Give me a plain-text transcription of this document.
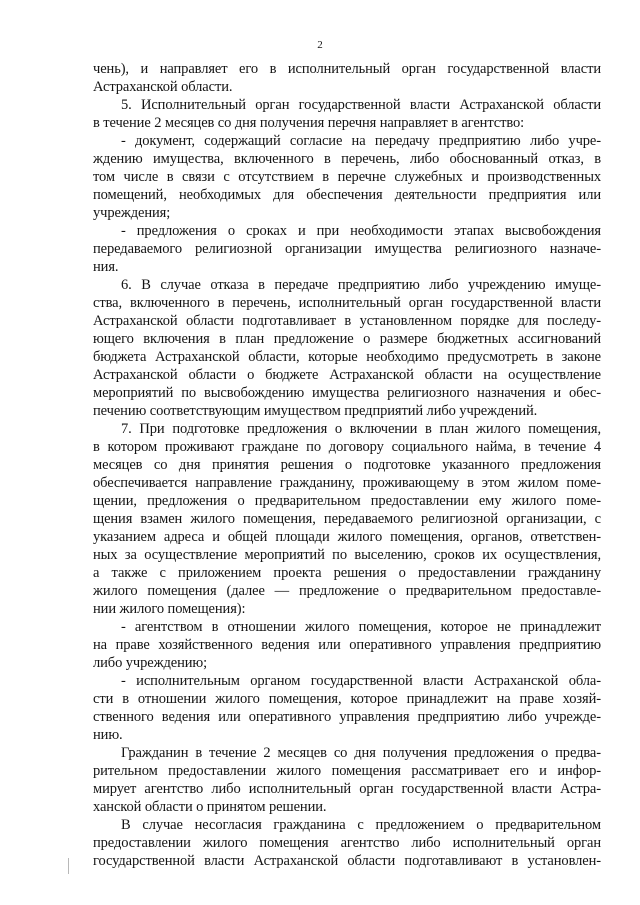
2
чень), и направляет его в исполнительный орган государственной власти
Астраханской области.
5. Исполнительный орган государственной власти Астраханской области
в течение 2 месяцев со дня получения перечня направляет в агентство:
- документ, содержащий согласие на передачу предприятию либо учре-
ждению имущества, включенного в перечень, либо обоснованный отказ, в
том числе в связи с отсутствием в перечне служебных и производственных
помещений, необходимых для обеспечения деятельности предприятия или
учреждения;
- предложения о сроках и при необходимости этапах высвобождения
передаваемого религиозной организации имущества религиозного назначе-
ния.
6. В случае отказа в передаче предприятию либо учреждению имуще-
ства, включенного в перечень, исполнительный орган государственной власти
Астраханской области подготавливает в установленном порядке для последу-
ющего включения в план предложение о размере бюджетных ассигнований
бюджета Астраханской области, которые необходимо предусмотреть в законе
Астраханской области о бюджете Астраханской области на осуществление
мероприятий по высвобождению имущества религиозного назначения и обес-
печению соответствующим имуществом предприятий либо учреждений.
7. При подготовке предложения о включении в план жилого помещения,
в котором проживают граждане по договору социального найма, в течение 4
месяцев со дня принятия решения о подготовке указанного предложения
обеспечивается направление гражданину, проживающему в этом жилом поме-
щении, предложения о предварительном предоставлении ему жилого поме-
щения взамен жилого помещения, передаваемого религиозной организации, с
указанием адреса и общей площади жилого помещения, органов, ответствен-
ных за осуществление мероприятий по выселению, сроков их осуществления,
а также с приложением проекта решения о предоставлении гражданину
жилого помещения (далее — предложение о предварительном предоставле-
нии жилого помещения):
- агентством в отношении жилого помещения, которое не принадлежит
на праве хозяйственного ведения или оперативного управления предприятию
либо учреждению;
- исполнительным органом государственной власти Астраханской обла-
сти в отношении жилого помещения, которое принадлежит на праве хозяй-
ственного ведения или оперативного управления предприятию либо учрежде-
нию.
Гражданин в течение 2 месяцев со дня получения предложения о предва-
рительном предоставлении жилого помещения рассматривает его и инфор-
мирует агентство либо исполнительный орган государственной власти Астра-
ханской области о принятом решении.
В случае несогласия гражданина с предложением о предварительном
предоставлении жилого помещения агентство либо исполнительный орган
государственной власти Астраханской области подготавливают в установлен-
